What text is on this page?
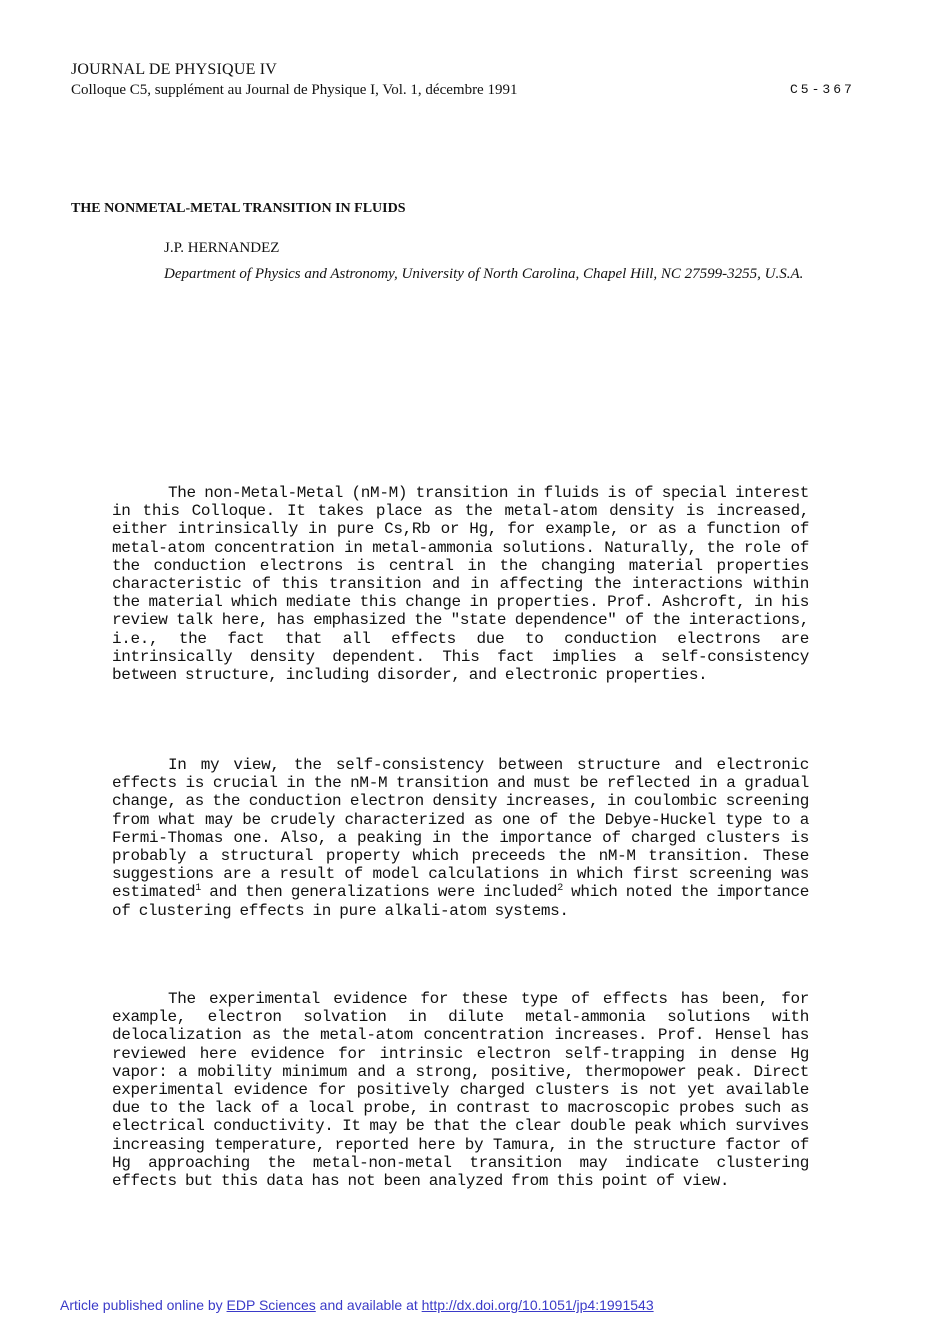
JOURNAL DE PHYSIQUE IV
Colloque C5, supplément au Journal de Physique I, Vol. 1, décembre 1991	C5-367
THE NONMETAL-METAL TRANSITION IN FLUIDS
J.P. HERNANDEZ
Department of Physics and Astronomy, University of North Carolina, Chapel Hill, NC 27599-3255, U.S.A.

The non-Metal-Metal (nM-M) transition in fluids is of special interest in this Colloque. It takes place as the metal-atom density is increased, either intrinsically in pure Cs,Rb or Hg, for example, or as a function of metal-atom concentration in metal-ammonia solutions. Naturally, the role of the conduction electrons is central in the changing material properties characteristic of this transition and in affecting the interactions within the material which mediate this change in properties. Prof. Ashcroft, in his review talk here, has emphasized the "state dependence" of the interactions, i.e., the fact that all effects due to conduction electrons are intrinsically density dependent. This fact implies a self-consistency between structure, including disorder, and electronic properties.

In my view, the self-consistency between structure and electronic effects is crucial in the nM-M transition and must be reflected in a gradual change, as the conduction electron density increases, in coulombic screening from what may be crudely characterized as one of the Debye-Huckel type to a Fermi-Thomas one. Also, a peaking in the importance of charged clusters is probably a structural property which preceeds the nM-M transition. These suggestions are a result of model calculations in which first screening was estimated$^1$ and then generalizations were included$^2$ which noted the importance of clustering effects in pure alkali-atom systems.

The experimental evidence for these type of effects has been, for example, electron solvation in dilute metal-ammonia solutions with delocalization as the metal-atom concentration increases. Prof. Hensel has reviewed here evidence for intrinsic electron self-trapping in dense Hg vapor: a mobility minimum and a strong, positive, thermopower peak. Direct experimental evidence for positively charged clusters is not yet available due to the lack of a local probe, in contrast to macroscopic probes such as electrical conductivity. It may be that the clear double peak which survives increasing temperature, reported here by Tamura, in the structure factor of Hg approaching the metal-non-metal transition may indicate clustering effects but this data has not been analyzed from this point of view.

Article published online by EDP Sciences and available at http://dx.doi.org/10.1051/jp4:1991543
